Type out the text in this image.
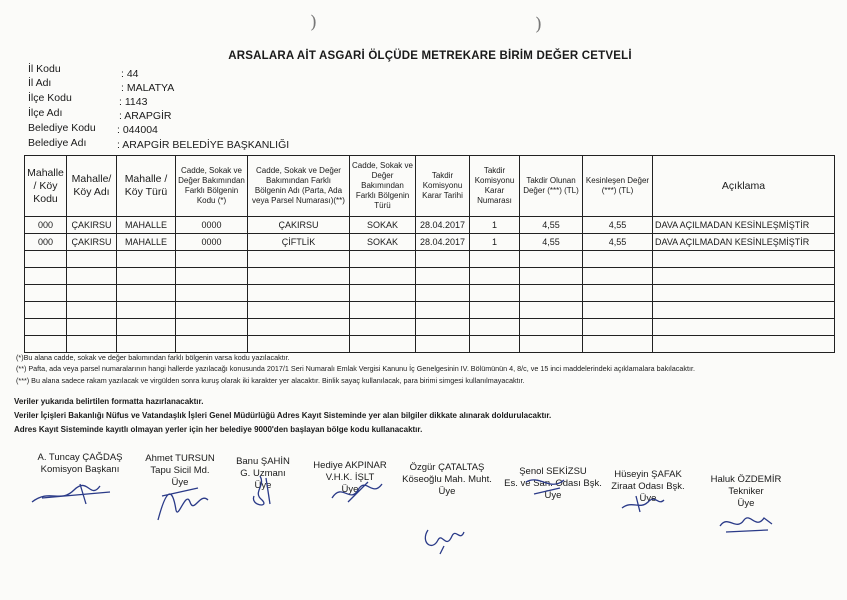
)	)
ARSALARA AİT ASGARİ ÖLÇÜDE METREKARE BİRİM DEĞER CETVELİ
İl Kodu	: 44
İl Adı	: MALATYA
İlçe Kodu	: 1143
İlçe Adı	: ARAPGİR
Belediye Kodu : 044004
Belediye Adı	: ARAPGİR BELEDİYE BAŞKANLIĞI
Mahalle / Köy Kodu	Mahalle/ Köy Adı	Mahalle / Köy Türü	Cadde, Sokak ve Değer Bakımından Farklı Bölgenin Kodu (*)	Cadde, Sokak ve Değer Bakımından Farklı Bölgenin Adı (Parta, Ada veya Parsel Numarası)(**)	Cadde, Sokak ve Değer Bakımından Farklı Bölgenin Türü	Takdir Komisyonu Karar Tarihi	Takdir Komisyonu Karar Numarası	Takdir Olunan Değer (***) (TL)	Kesinleşen Değer (***) (TL)	Açıklama
000	ÇAKIRSU	MAHALLE	0000	ÇAKIRSU	SOKAK	28.04.2017	1	4,55	4,55	DAVA AÇILMADAN KESİNLEŞMİŞTİR
000	ÇAKIRSU	MAHALLE	0000	ÇİFTLİK	SOKAK	28.04.2017	1	4,55	4,55	DAVA AÇILMADAN KESİNLEŞMİŞTİR

(*)Bu alana cadde, sokak ve değer bakımından farklı bölgenin varsa kodu yazılacaktır.
(**) Pafta, ada veya parsel numaralarının hangi hallerde yazılacağı konusunda 2017/1 Seri Numaralı Emlak Vergisi Kanunu İç Genelgesinin IV. Bölümünün 4, 8/c, ve 15 inci maddelerindeki açıklamalara bakılacaktır.
(***) Bu alana sadece rakam yazılacak ve virgülden sonra kuruş olarak iki karakter yer alacaktır. Binlik sayaç kullanılacak, para birimi simgesi kullanılmayacaktır.
Veriler yukarıda belirtilen formatta hazırlanacaktır.
Veriler İçişleri Bakanlığı Nüfus ve Vatandaşlık İşleri Genel Müdürlüğü Adres Kayıt Sisteminde yer alan bilgiler dikkate alınarak doldurulacaktır.
Adres Kayıt Sisteminde kayıtlı olmayan yerler için her belediye 9000'den başlayan bölge kodu kullanacaktır.
A. Tuncay ÇAĞDAŞ
Komisyon Başkanı
Ahmet TURSUN
Tapu Sicil Md.
Üye
Banu ŞAHİN
G. Uzmanı
Üye
Hediye AKPINAR
V.H.K. İŞLT
Üye
Özgür ÇATALTAŞ
Köseoğlu Mah. Muht.
Üye
Şenol SEKİZSU
Es. ve San. Odası Bşk.
Üye
Hüseyin ŞAFAK
Ziraat Odası Bşk.
Üye
Haluk ÖZDEMİR
Tekniker
Üye
